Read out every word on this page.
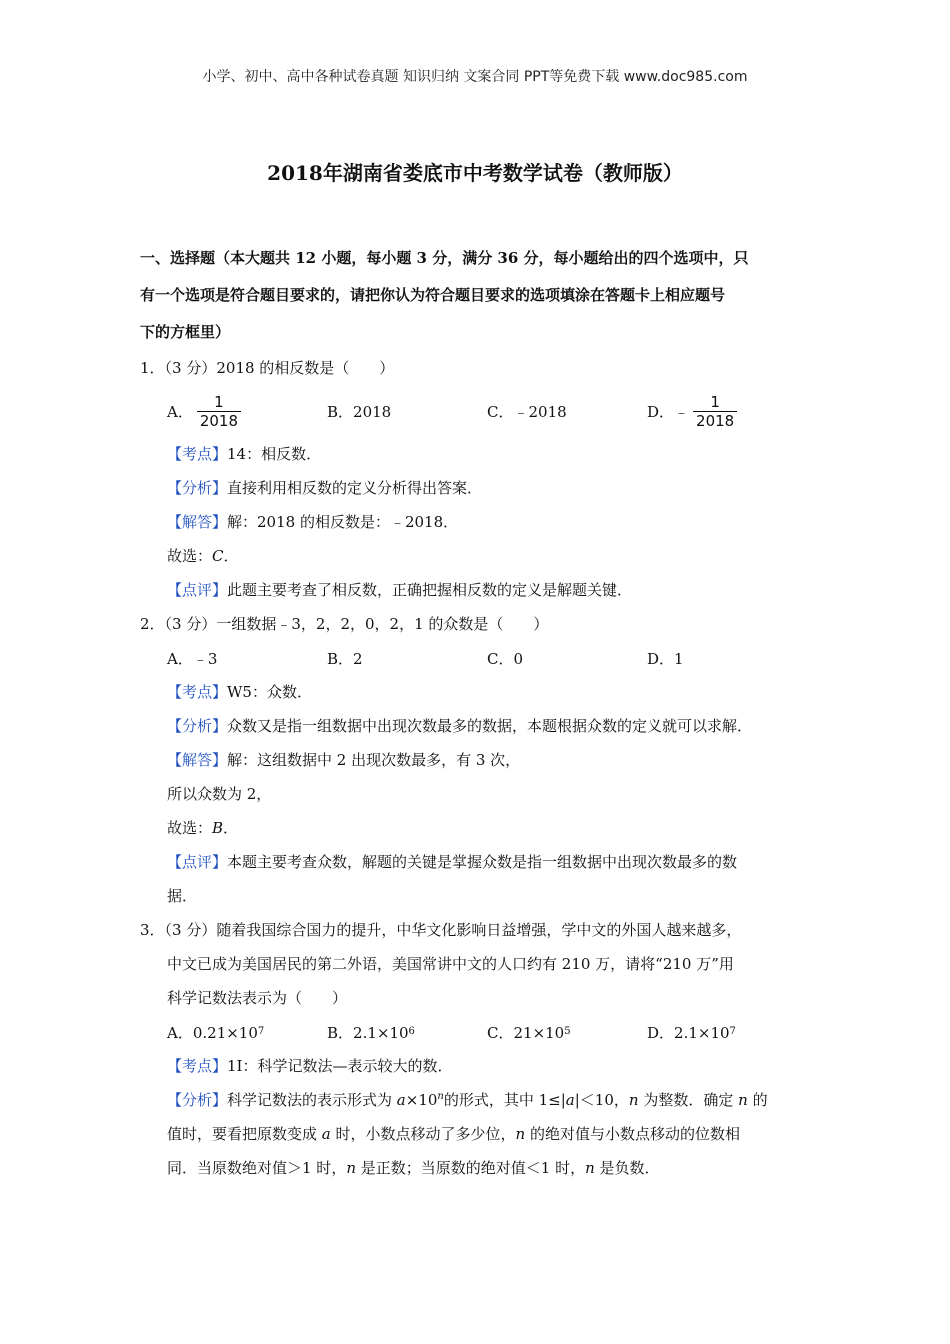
小学、初中、高中各种试卷真题 知识归纳 文案合同 PPT等免费下载 www.doc985.com
2018年湖南省娄底市中考数学试卷（教师版）
一、选择题（本大题共 12 小题，每小题 3 分，满分 36 分，每小题给出的四个选项中，只
有一个选项是符合题目要求的，请把你认为符合题目要求的选项填涂在答题卡上相应题号
下的方框里）
1．（3 分）2018 的相反数是（　　）
A． $\frac{1}{2018}$	B．2018	C．﹣2018	D．﹣ $\frac{1}{2018}$
【考点】14：相反数．
【分析】直接利用相反数的定义分析得出答案．
【解答】解：2018 的相反数是：﹣2018．
故选：C．
【点评】此题主要考查了相反数，正确把握相反数的定义是解题关键．
2．（3 分）一组数据﹣3，2，2，0，2，1 的众数是（　　）
A．﹣3	B．2	C．0	D．1
【考点】W5：众数．
【分析】众数又是指一组数据中出现次数最多的数据，本题根据众数的定义就可以求解．
【解答】解：这组数据中 2 出现次数最多，有 3 次，
所以众数为 2，
故选：B．
【点评】本题主要考查众数，解题的关键是掌握众数是指一组数据中出现次数最多的数
据．
3．（3 分）随着我国综合国力的提升，中华文化影响日益增强，学中文的外国人越来越多，
中文已成为美国居民的第二外语，美国常讲中文的人口约有 210 万，请将“210 万”用
科学记数法表示为（　　）
A．0.21×10 7	B．2.1×10 6	C．21×10 5	D．2.1×10 7
【考点】1I：科学记数法—表示较大的数．
【分析】科学记数法的表示形式为 $a\times 10^n$的形式，其中 1≤|a|＜10，n 为整数．确定 n 的
值时，要看把原数变成 a 时，小数点移动了多少位，n 的绝对值与小数点移动的位数相
同．当原数绝对值＞1 时，n 是正数；当原数的绝对值＜1 时，n 是负数．
